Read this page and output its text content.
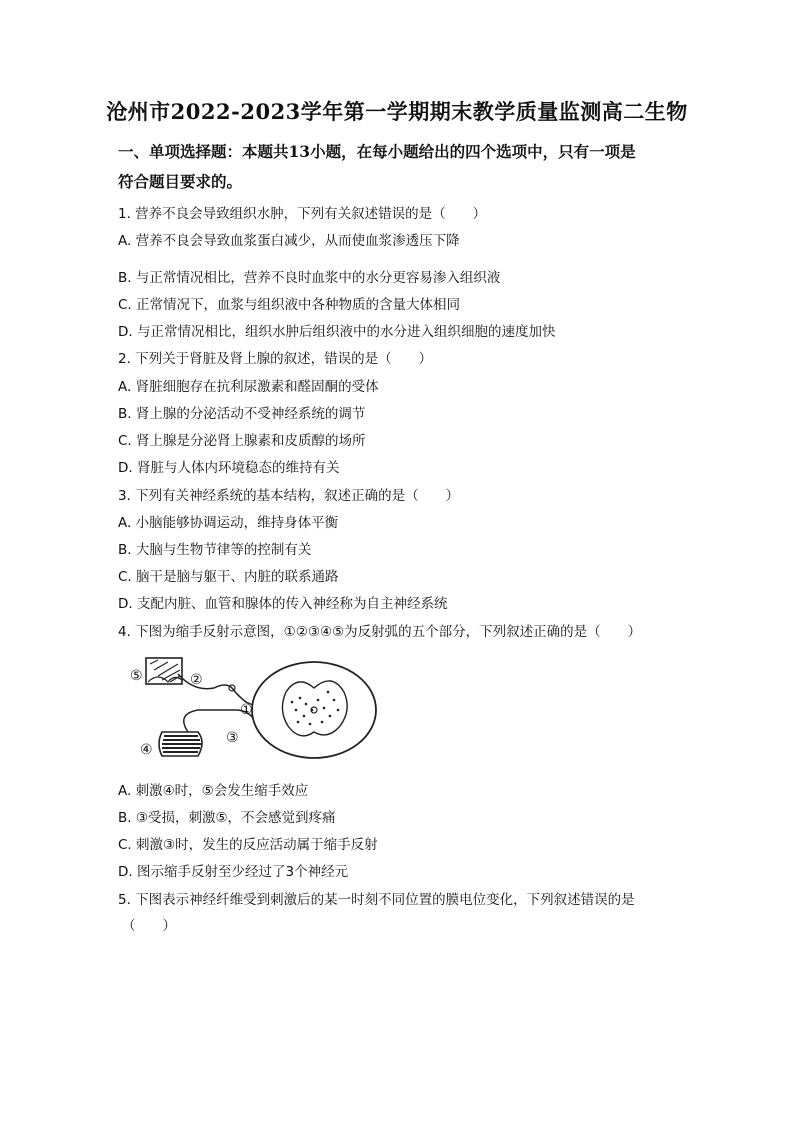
沧州市2022-2023学年第一学期期末教学质量监测高二生物
一、单项选择题：本题共13小题，在每小题给出的四个选项中，只有一项是
符合题目要求的。
1. 营养不良会导致组织水肿，下列有关叙述错误的是（　　）
A. 营养不良会导致血浆蛋白减少，从而使血浆渗透压下降
B. 与正常情况相比，营养不良时血浆中的水分更容易渗入组织液
C. 正常情况下，血浆与组织液中各种物质的含量大体相同
D. 与正常情况相比，组织水肿后组织液中的水分进入组织细胞的速度加快
2. 下列关于肾脏及肾上腺的叙述，错误的是（　　）
A. 肾脏细胞存在抗利尿激素和醛固酮的受体
B. 肾上腺的分泌活动不受神经系统的调节
C. 肾上腺是分泌肾上腺素和皮质醇的场所
D. 肾脏与人体内环境稳态的维持有关
3. 下列有关神经系统的基本结构，叙述正确的是（　　）
A. 小脑能够协调运动，维持身体平衡
B. 大脑与生物节律等的控制有关
C. 脑干是脑与躯干、内脏的联系通路
D. 支配内脏、血管和腺体的传入神经称为自主神经系统
4. 下图为缩手反射示意图，①②③④⑤为反射弧的五个部分，下列叙述正确的是（　　）
⑤	②
①
③
④
A. 刺激④时，⑤会发生缩手效应
B. ③受损，刺激⑤，不会感觉到疼痛
C. 刺激③时，发生的反应活动属于缩手反射
D. 图示缩手反射至少经过了3个神经元
5. 下图表示神经纤维受到刺激后的某一时刻不同位置的膜电位变化，下列叙述错误的是
（　　）
